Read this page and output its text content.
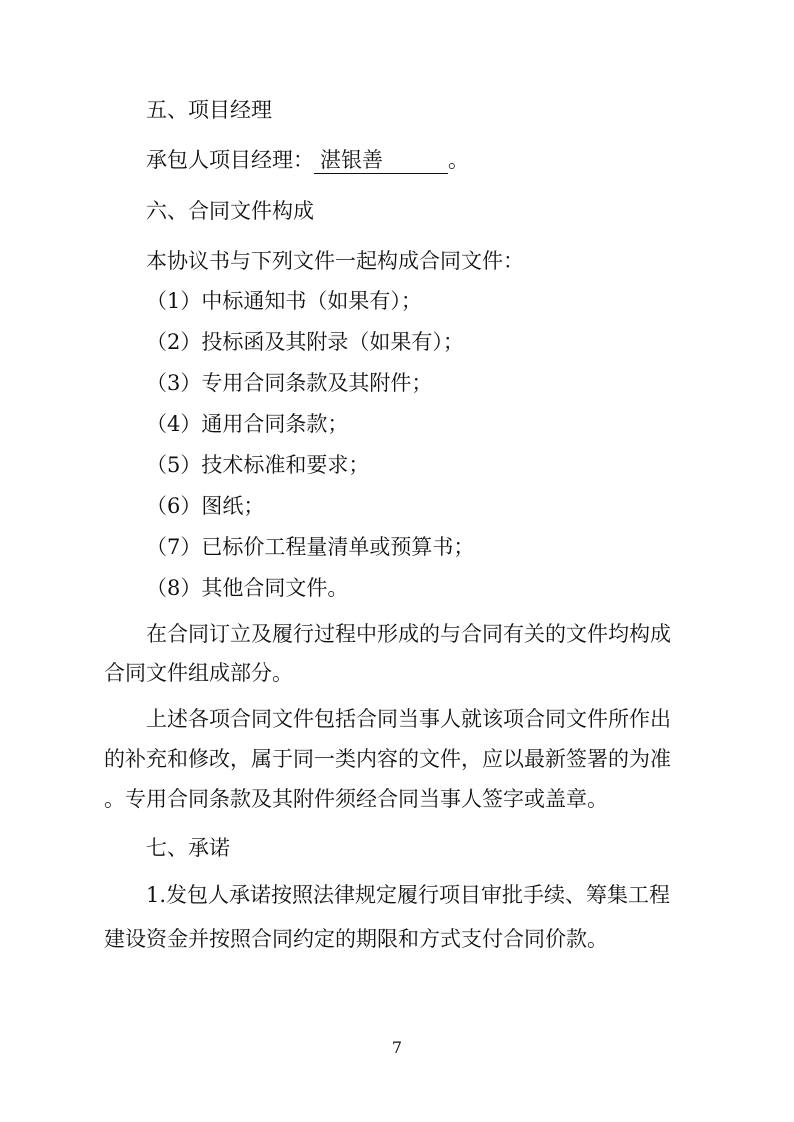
五、项目经理
承包人项目经理： 湛银善	。
六、合同文件构成
本协议书与下列文件一起构成合同文件：
（1）中标通知书（如果有）；
（2）投标函及其附录（如果有）；
（3）专用合同条款及其附件；
（4）通用合同条款；
（5）技术标准和要求；
（6）图纸；
（7）已标价工程量清单或预算书；
（8）其他合同文件。
在合同订立及履行过程中形成的与合同有关的文件均构成
合同文件组成部分。
上述各项合同文件包括合同当事人就该项合同文件所作出
的补充和修改，属于同一类内容的文件，应以最新签署的为准
。专用合同条款及其附件须经合同当事人签字或盖章。
七、承诺
1.发包人承诺按照法律规定履行项目审批手续、筹集工程
建设资金并按照合同约定的期限和方式支付合同价款。
7
